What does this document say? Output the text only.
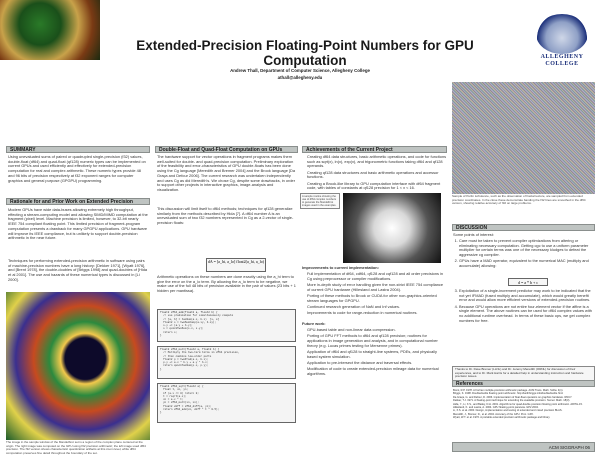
Extended-Precision Floating-Point Numbers for GPU Computation
Andrew Thall, Department of Computer Science, Allegheny College
athall@allegheny.edu
ALLEGHENY
COLLEGE
SUMMARY
Using unevaluated sums of paired or quadrupled single-precision (f32) values, double-float (df64) and quad-float (qf128) numeric types can be implemented on current GPUs and used efficiently and effectively for extended-precision computation for real and complex arithmetic. These numeric types provide 48 and 96 bits of precision respectively at f32 exponent ranges for computer graphics and general purpose (GPGPU) programming.
Rationale for and Prior Work on Extended Precision
Modern GPUs have wide data-buses allowing extremely high throughput, effecting a stream-computing model and allowing SIMD/MIMD computation at the fragment (pixel) level. Machine precision is limited, however, to 32-bit nearly IEEE 754 compliant floating point. This limited precision of fragment-program computation presents a drawback for many GPGPU applications. GPU hardware will improve its IEEE compliance, but is unlikely to support double-precision arithmetic in the near future.
Techniques for performing extended-precision arithmetic in software using pairs of machine-precision numbers have a long history: [Dekker 1971], [Wyatt 1976], and [Brent 1978], the double-doubles of [Briggs 1998] and quad-doubles of [Hida et al 2001]. The use and hazards of these numerical types is discussed in [Li 2000].
The image in the sample window of the Mandelbrot set is a region of the complex plane centered at the origin. The right image was computed on the GPU using f32 precision arithmetic; the left image used df64 precision. The f32 version shows characteristic quantization artifacts at this zoom level, while df64 computation preserves fine detail throughout the boundary of the set.
Double-Float and Quad-Float Computation on GPUs
The hardware support for vector operations in fragment programs makes them well-suited for double- and quad-precision computation. Preliminary exploration of the feasibility and error-characteristics of GPU double-floats has been done using the Cg language [Meredith and Bremer 2004] and the Brook language [Da Graça and Defour 2006]. The current research was undertaken independently and uses Cg as did Meredith's. We chose Cg, despite some drawbacks, in order to support other projects in interactive graphics, image-analysis and visualization.
This discussion will limit itself to df64 methods; techniques for qf128 generalize similarly from the methods described by Hida [7]. A df64 number A is an unevaluated sum of two f32 numbers represented in Cg as a 2-vector of single-precision floats:
dA = [a_hi, a_lo] float2(a_hi, a_lo)
Arithmetic operations on these numbers are done exactly using the a_hi term to give the error on the a_lo term. By allowing the a_lo term to be negative, we make use of the full 48 bits of precision available in the pair of values (23 bits + 1 hidden per mantissa).
float2 df64_add(float2 a, float2 b) {
// use predication for simultaneously compute
// [a, b] = twoSum(a.x, b.x)  [s, e]
float2 s = twoSumComp(a.xy, b.xy);
s.y += (a.y + b.y);
s = quickTwoSum(s.x, s.y);
return s;
}
float2 df64_mult(float2 a, float2 b) {
// Multiply the two-term terms in df64 precision,
// then combine low-order parts
float2 p = twoProd(a.x, b.x);
p.y += a.x * b.y + a.y * b.x;
return quickTwoSum(p.x, p.y);
}
float4 df64_sqrt(float2 a) {
float t, xn, yn;
if (a.x <= 0) return 0;
t = rsqrt(a.x);
xn = a.x * t;
yn = df64_mult(xn, xn);
float2 diff = df64_diff(a, yn);
return df64_add(xn, diff * t * 0.5);
}
Achievements of the Current Project
• Creating df64 data structures, basic arithmetic operations, and code for functions such as sqrt(x), ln(x), exp(x), and trigonometric functions taking df64 and qf128 operands.
• Creating qf128 data structures and basic arithmetic operations and accessor functions.
• Creating a Brook-like library to GPU computation interface with df64 fragment code, with tables of constants at qf128 precision for 1 < x < 16.
A sample routine showing the use of df64 complex numbers to generate the Mandelbrot images used in the examples.
Improvements to current implementation:
• Full implementation of df64, cdf64, qf128 and cqf128 and all order precisions in Cg using preprocessor or compiler modifications.
• More in-depth study of error handling given the non-strict IEEE 754 compliance of current GPU hardware (Hillesland and Lastra 2004).
• Porting of these methods to Brook or CUDA for other non-graphics-oriented stream languages for GPGPU.
• Continued research generation of NaN and Inf values.
• Improvements to code for range-reduction in numerical routines.
Future work:
• GPU-based table and non-linear data compression.
• Porting of GPU FFT methods to df64 and qf128 precision; routines for applications in image generation and analysis, and in computational number theory (e.g. Lucas primes testing for Mersenne primes).
• Application of df64 and qf128 to straight-line systems, PDEs, and physically based system simulation.
• Application to pre-intersect the distance and traversal effects.
• Modification of code to create extended-precision mileage data for numerical algorithms.
Sample of Perlin turbulence, such as the observation of fractal texture, are sampled from extended precision coordinates. In the close these demonstrate banding the f32 lines are smoothed in the df64 version, showing relative accuracy of f32 on large problems.
DISCUSSION
Some points of interest:
1. Care must be taken to prevent compiler optimizations from altering or eliminating necessary computation. Getting cgc to use a uniform parameter multiplier for certain terms was one of the necessary kludges to defeat the aggressive cg compiler.
2. GPUs have a MAD operator, equivalent to the numerical MAC (multiply and accumulate) allowing:
d = a * b + c
3. Exploitation of a single-increment predictor may work to be indicated that the not yet IFMAD (fused multiply and accumulate), which would greatly benefit error and would allow more efficient versions of extended-precision routines.
4. Because GPU operations are not entire four-element vector if the affine is a single element. The above routines can be used for df64 complex values with no additional runtime overhead. In terms of these basic ops, we get complex numbers for free.
Thanks to Dr. Dave Bremer (LLNL) and Dr. Jeremy Meredith (ORNL) for discussion of their experiences, and to Dr. Mark Harris for a detailed help in understanding instruction and hardware precision issues.
References
Brent, R.P. 1978. A Fortran multiple-precision arithmetic package. ACM Trans. Math. Softw. 4(1).
Briggs, K. 1998. Doubledouble floating point arithmetic. http://keithbriggs.info/doubledouble.html
Da Graça, G. and Defour, D. 2006. Implementation of float-float operators on graphics hardware. RNC7.
Dekker, T.J. 1971. A floating-point technique for extending the available precision. Numer. Math. 18(3).
Hida, Y., Li, X.S., and Bailey, D.H. 2001. Algorithms for quad-double precision floating point arithmetic. ARITH-15.
Hillesland, K. and Lastra, A. 2004. GPU floating-point paranoia. GP2 2004.
Li, X.S. et al. 2000. Design, implementation and testing of extended and mixed precision BLAS.
Meredith, J., Bremer, D., et al. 2004. Accuracy of the GPU. Proc. GP2.
Wyatt, W.T. et al. 1976. A portable extended precision arithmetic package and library.
ACM SIGGRAPH 06
